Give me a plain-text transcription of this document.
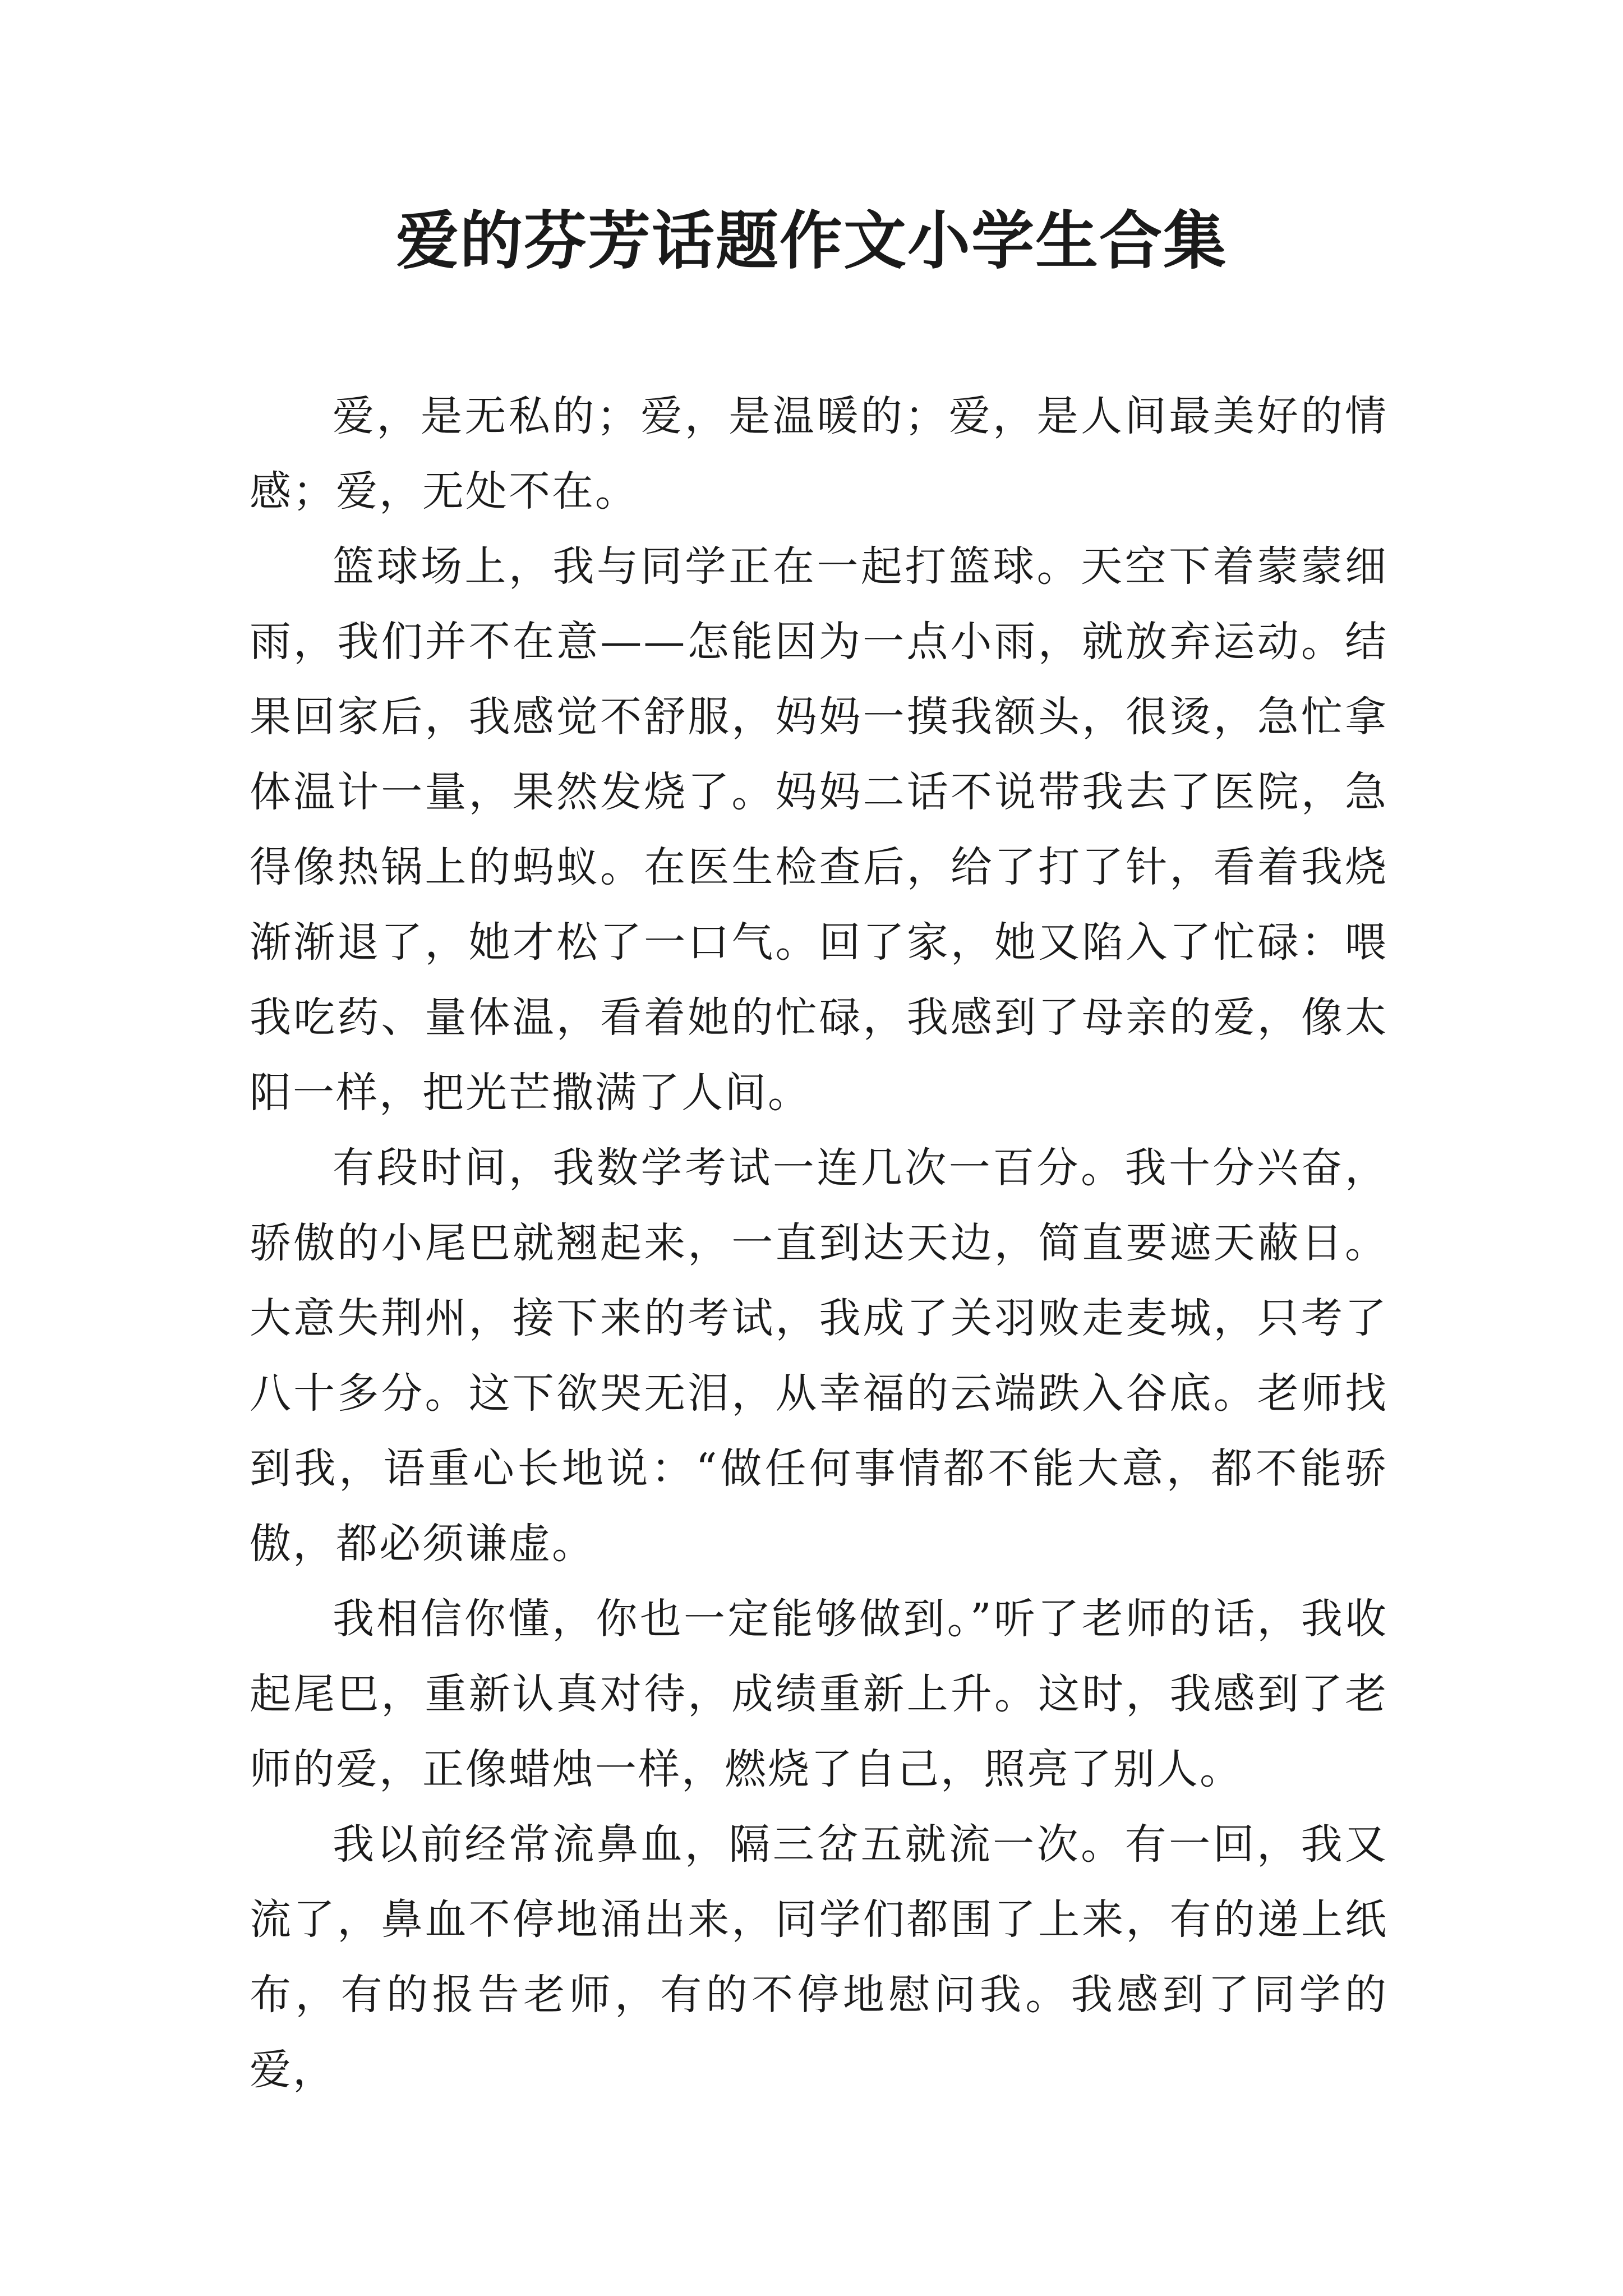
爱的芬芳话题作文小学生合集

爱，是无私的；爱，是温暖的；爱，是人间最美好的情感；爱，无处不在。

篮球场上，我与同学正在一起打篮球。天空下着蒙蒙细雨，我们并不在意——怎能因为一点小雨，就放弃运动。结果回家后，我感觉不舒服，妈妈一摸我额头，很烫，急忙拿体温计一量，果然发烧了。妈妈二话不说带我去了医院，急得像热锅上的蚂蚁。在医生检查后，给了打了针，看着我烧渐渐退了，她才松了一口气。回了家，她又陷入了忙碌：喂我吃药、量体温，看着她的忙碌，我感到了母亲的爱，像太阳一样，把光芒撒满了人间。

有段时间，我数学考试一连几次一百分。我十分兴奋，骄傲的小尾巴就翘起来，一直到达天边，简直要遮天蔽日。大意失荆州，接下来的考试，我成了关羽败走麦城，只考了八十多分。这下欲哭无泪，从幸福的云端跌入谷底。老师找到我，语重心长地说：“做任何事情都不能大意，都不能骄傲，都必须谦虚。

我相信你懂，你也一定能够做到。”听了老师的话，我收起尾巴，重新认真对待，成绩重新上升。这时，我感到了老师的爱，正像蜡烛一样，燃烧了自己，照亮了别人。

我以前经常流鼻血，隔三岔五就流一次。有一回，我又流了，鼻血不停地涌出来，同学们都围了上来，有的递上纸布，有的报告老师，有的不停地慰问我。我感到了同学的爱，
